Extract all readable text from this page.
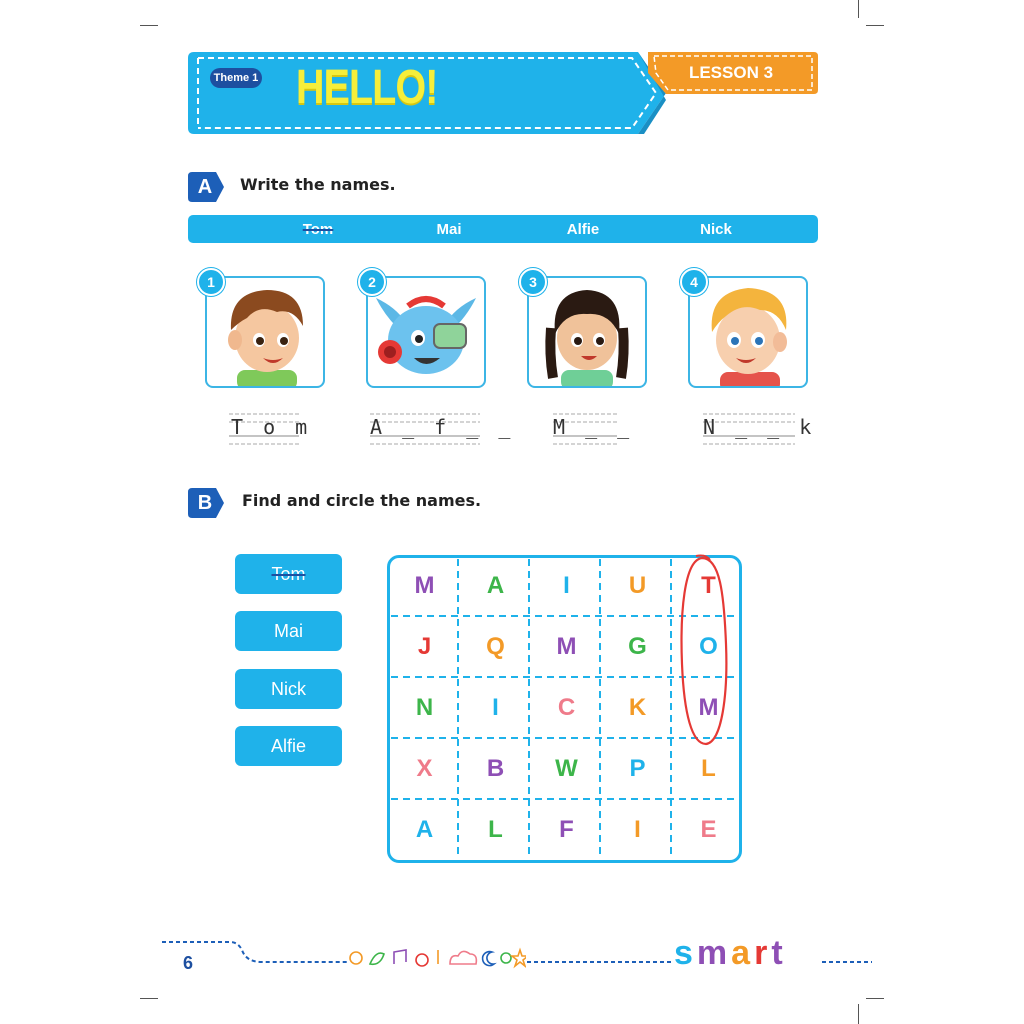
Theme 1 HELLO!	LESSON 3
A	Write the names.
Tom	Mai	Alfie	Nick
1	2	3	4
T o m	A _ f _ _ M _ _	N _ _ k
B	Find and circle the names.
Tom
Mai
Nick
Alfie
M	A	I	U	T
J	Q	M	G	O
N	I	C	K	M
X	B	W	P	L
A	L	F	I	E
6	smart
